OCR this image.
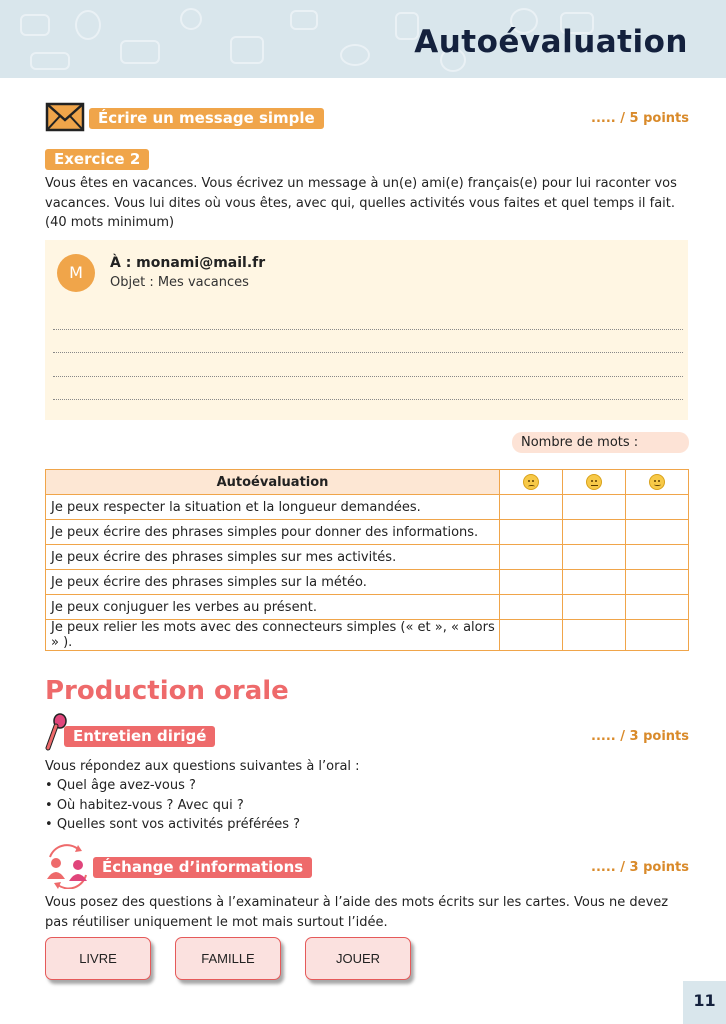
Autoévaluation
Écrire un message simple	..... / 5 points
Exercice 2
Vous êtes en vacances. Vous écrivez un message à un(e) ami(e) français(e) pour lui raconter vos vacances. Vous lui dites où vous êtes, avec qui, quelles activités vous faites et quel temps il fait. (40 mots minimum)
M	À : monami@mail.fr
Objet : Mes vacances
Nombre de mots :
Autoévaluation	

Je peux respecter la situation et la longueur demandées.			
Je peux écrire des phrases simples pour donner des informations.			
Je peux écrire des phrases simples sur mes activités.			
Je peux écrire des phrases simples sur la météo.			
Je peux conjuguer les verbes au présent.			
Je peux relier les mots avec des connecteurs simples (« et », « alors » ).			
Production orale
Entretien dirigé	..... / 3 points
Vous répondez aux questions suivantes à l’oral :
• Quel âge avez-vous ?
• Où habitez-vous ? Avec qui ?
• Quelles sont vos activités préférées ?
Échange d’informations	..... / 3 points
Vous posez des questions à l’examinateur à l’aide des mots écrits sur les cartes. Vous ne devez pas réutiliser uniquement le mot mais surtout l’idée.
LIVRE	FAMILLE	JOUER
11
